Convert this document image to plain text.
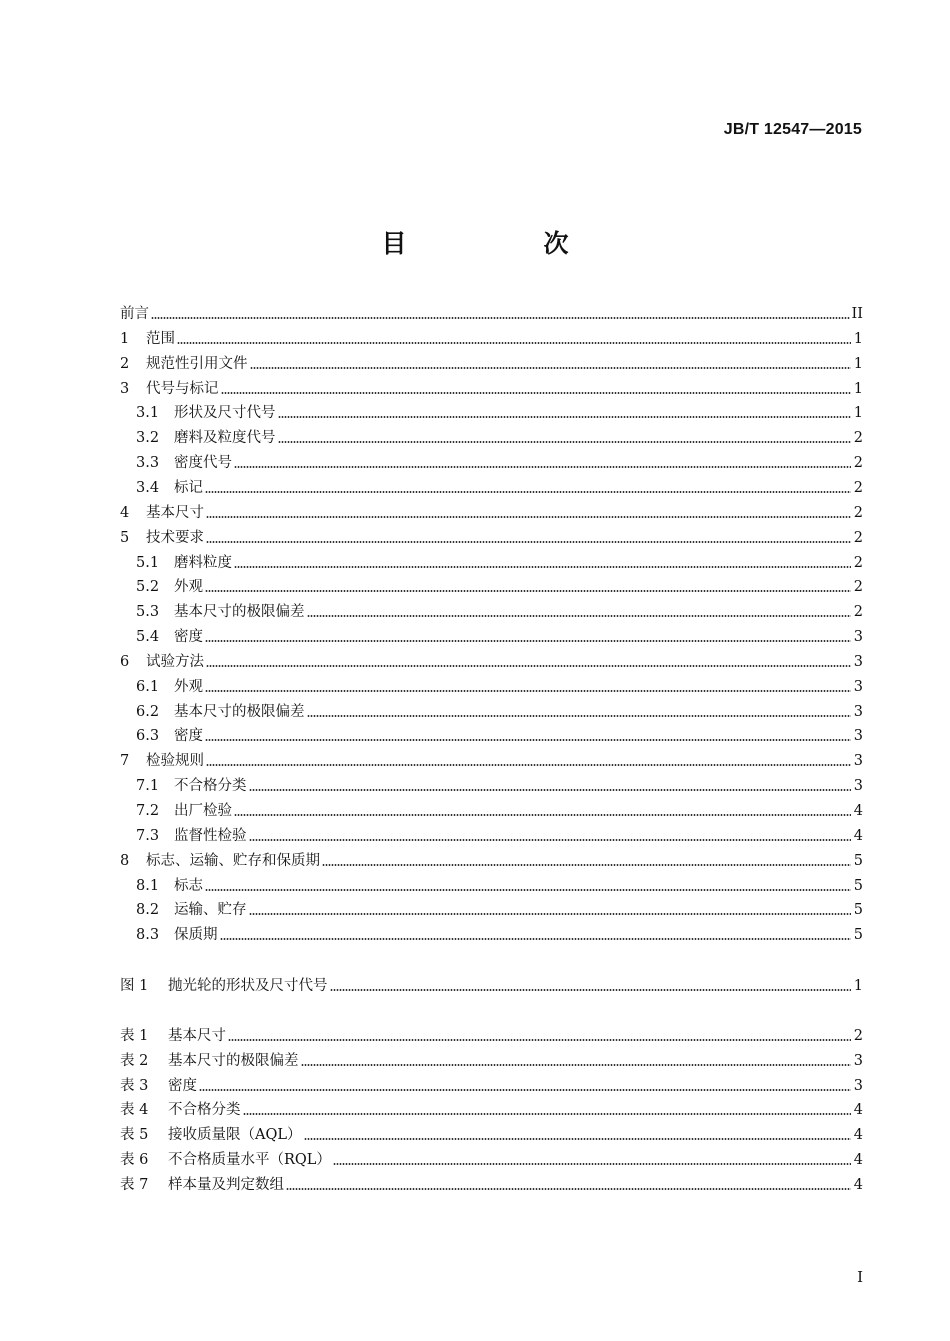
JB/T 12547—2015
目　次
前言	II
1	范围	1
2	规范性引用文件	1
3	代号与标记	1
3.1	形状及尺寸代号	1
3.2	磨料及粒度代号	2
3.3	密度代号	2
3.4	标记	2
4	基本尺寸	2
5	技术要求	2
5.1	磨料粒度	2
5.2	外观	2
5.3	基本尺寸的极限偏差	2
5.4	密度	3
6	试验方法	3
6.1	外观	3
6.2	基本尺寸的极限偏差	3
6.3	密度	3
7	检验规则	3
7.1	不合格分类	3
7.2	出厂检验	4
7.3	监督性检验	4
8	标志、运输、贮存和保质期	5
8.1	标志	5
8.2	运输、贮存	5
8.3	保质期	5
图 1	抛光轮的形状及尺寸代号	1
表 1	基本尺寸	2
表 2	基本尺寸的极限偏差	3
表 3	密度	3
表 4	不合格分类	4
表 5	接收质量限（AQL）	4
表 6	不合格质量水平（RQL）	4
表 7	样本量及判定数组	4
I
